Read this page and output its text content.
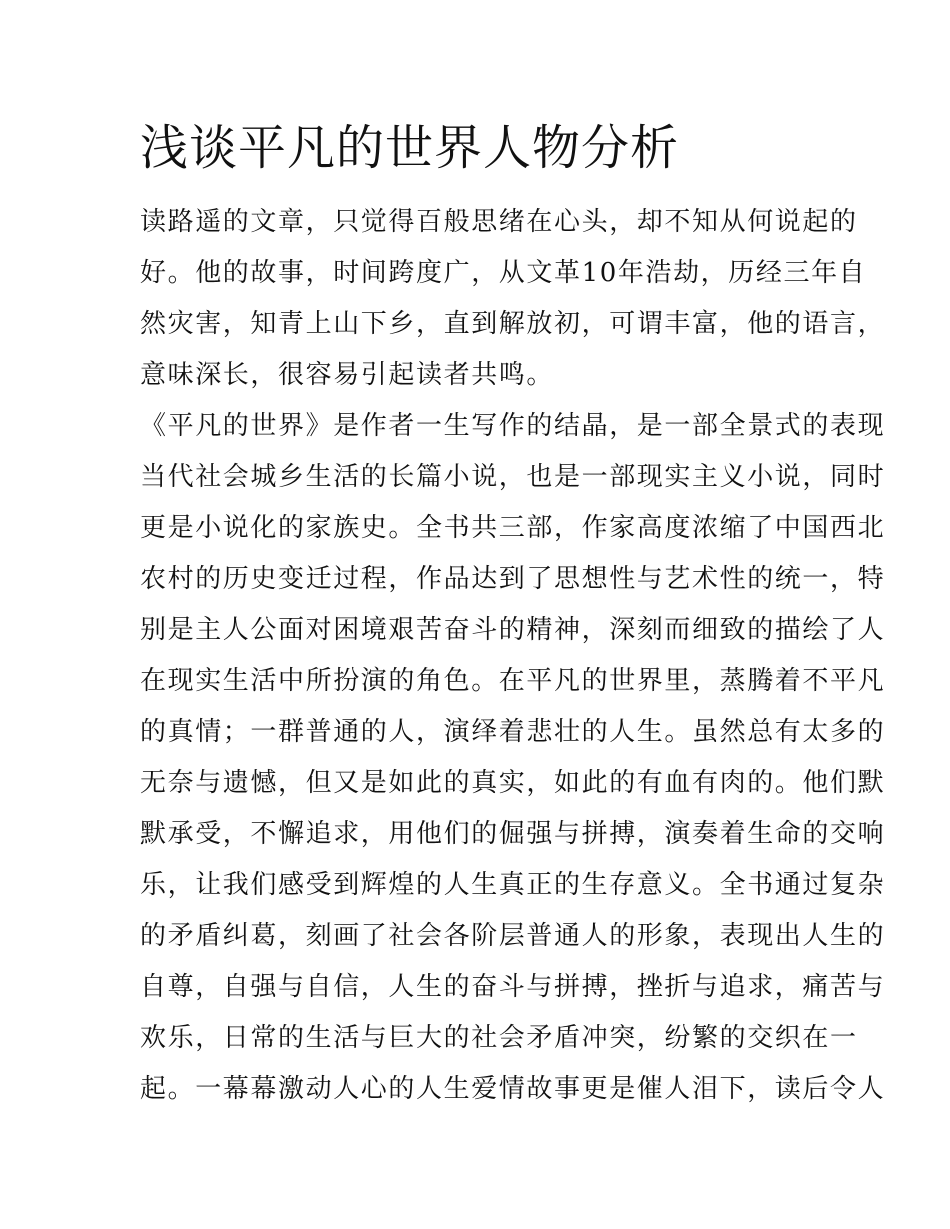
浅谈平凡的世界人物分析
读路遥的文章，只觉得百般思绪在心头，却不知从何说起的
好。他的故事，时间跨度广，从文革10年浩劫，历经三年自
然灾害，知青上山下乡，直到解放初，可谓丰富，他的语言，
意味深长，很容易引起读者共鸣。
《平凡的世界》是作者一生写作的结晶，是一部全景式的表现
当代社会城乡生活的长篇小说，也是一部现实主义小说，同时
更是小说化的家族史。全书共三部，作家高度浓缩了中国西北
农村的历史变迁过程，作品达到了思想性与艺术性的统一，特
别是主人公面对困境艰苦奋斗的精神，深刻而细致的描绘了人
在现实生活中所扮演的角色。在平凡的世界里，蒸腾着不平凡
的真情；一群普通的人，演绎着悲壮的人生。虽然总有太多的
无奈与遗憾，但又是如此的真实，如此的有血有肉的。他们默
默承受，不懈追求，用他们的倔强与拼搏，演奏着生命的交响
乐，让我们感受到辉煌的人生真正的生存意义。全书通过复杂
的矛盾纠葛，刻画了社会各阶层普通人的形象，表现出人生的
自尊，自强与自信，人生的奋斗与拼搏，挫折与追求，痛苦与
欢乐，日常的生活与巨大的社会矛盾冲突，纷繁的交织在一
起。一幕幕激动人心的人生爱情故事更是催人泪下，读后令人
